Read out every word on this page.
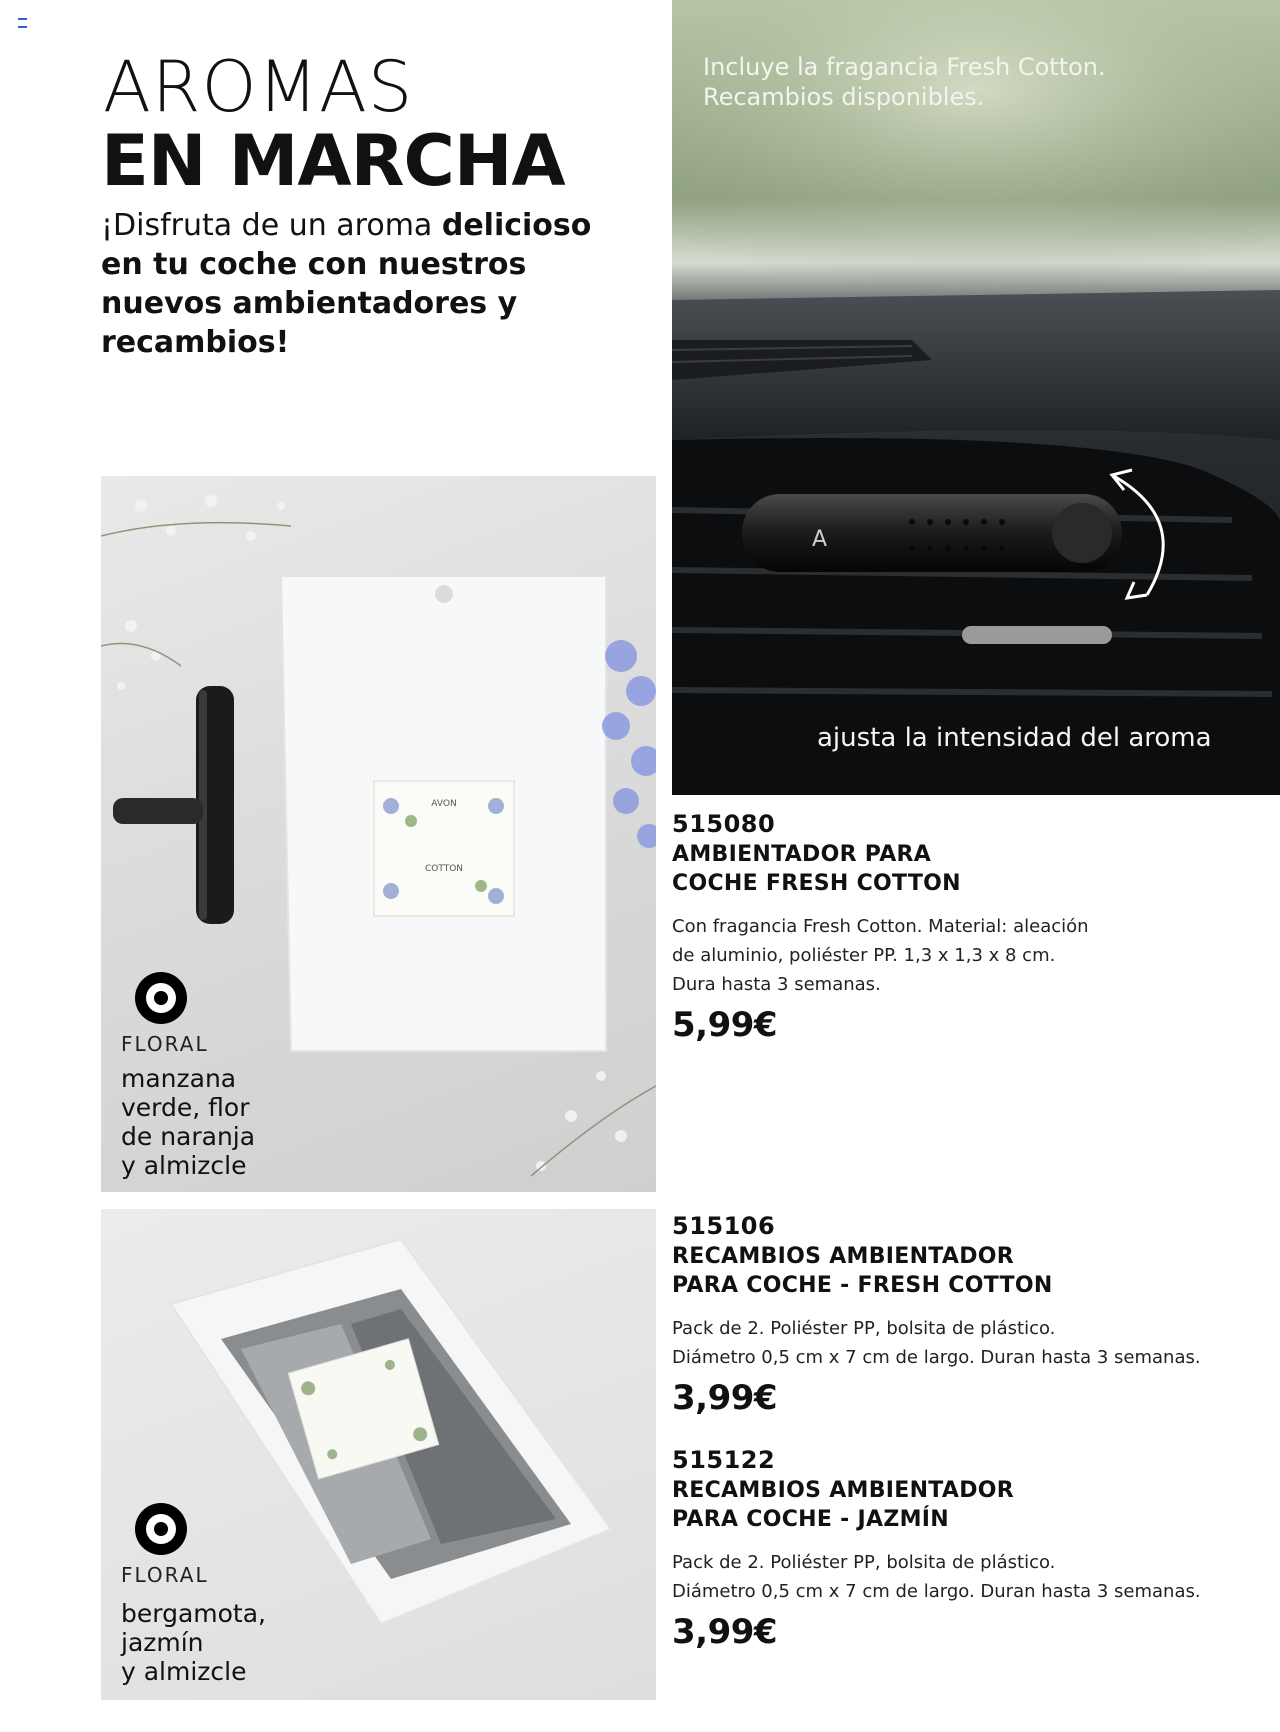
AROMAS
EN MARCHA
¡Disfruta de un aroma delicioso en tu coche con nuestros nuevos ambientadores y recambios!
A
Incluye la fragancia Fresh Cotton.
Recambios disponibles.
ajusta la intensidad del aroma
AVON
COTTON
FLORAL
manzana
verde, flor
de naranja
y almizcle
FLORAL
bergamota,
jazmín
y almizcle
515080
AMBIENTADOR PARA
COCHE FRESH COTTON
Con fragancia Fresh Cotton. Material: aleación
de aluminio, poliéster PP. 1,3 x 1,3 x 8 cm.
Dura hasta 3 semanas.
5,99€
515106
RECAMBIOS AMBIENTADOR
PARA COCHE - FRESH COTTON
Pack de 2. Poliéster PP, bolsita de plástico.
Diámetro 0,5 cm x 7 cm de largo. Duran hasta 3 semanas.
3,99€
515122
RECAMBIOS AMBIENTADOR
PARA COCHE - JAZMÍN
Pack de 2. Poliéster PP, bolsita de plástico.
Diámetro 0,5 cm x 7 cm de largo. Duran hasta 3 semanas.
3,99€
